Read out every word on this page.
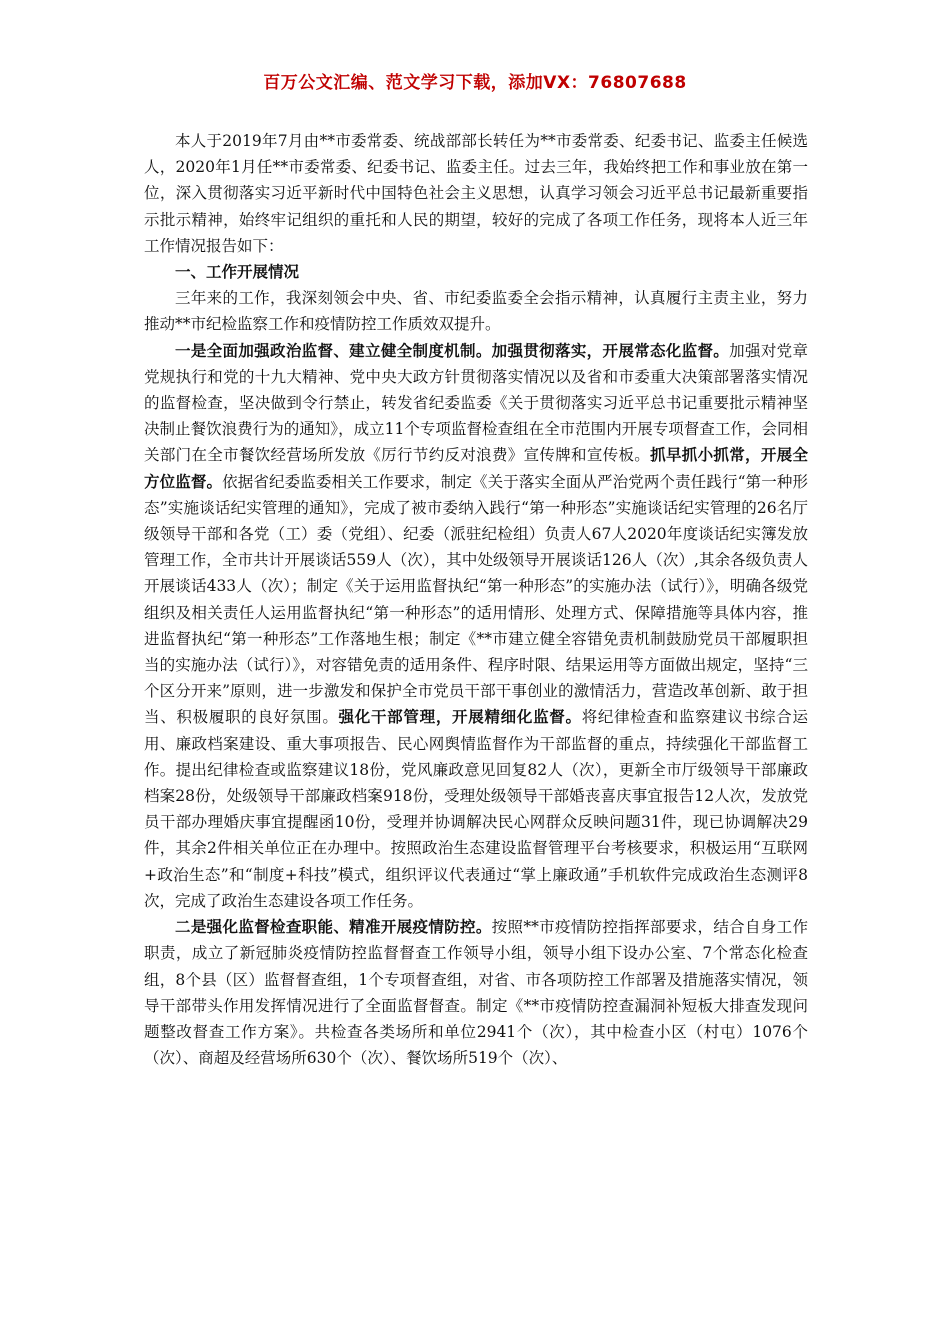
百万公文汇编、范文学习下载，添加VX：76807688

本人于2019年7月由**市委常委、统战部部长转任为**市委常委、纪委书记、监委主任候选人，2020年1月任**市委常委、纪委书记、监委主任。过去三年，我始终把工作和事业放在第一位，深入贯彻落实习近平新时代中国特色社会主义思想，认真学习领会习近平总书记最新重要指示批示精神，始终牢记组织的重托和人民的期望，较好的完成了各项工作任务，现将本人近三年工作情况报告如下：

一、工作开展情况

三年来的工作，我深刻领会中央、省、市纪委监委全会指示精神，认真履行主责主业，努力推动**市纪检监察工作和疫情防控工作质效双提升。

一是全面加强政治监督、建立健全制度机制。加强贯彻落实，开展常态化监督。加强对党章党规执行和党的十九大精神、党中央大政方针贯彻落实情况以及省和市委重大决策部署落实情况的监督检查，坚决做到令行禁止，转发省纪委监委《关于贯彻落实习近平总书记重要批示精神坚决制止餐饮浪费行为的通知》，成立11个专项监督检查组在全市范围内开展专项督查工作，会同相关部门在全市餐饮经营场所发放《厉行节约反对浪费》宣传牌和宣传板。抓早抓小抓常，开展全方位监督。依据省纪委监委相关工作要求，制定《关于落实全面从严治党两个责任践行“第一种形态”实施谈话纪实管理的通知》，完成了被市委纳入践行“第一种形态”实施谈话纪实管理的26名厅级领导干部和各党（工）委（党组）、纪委（派驻纪检组）负责人67人2020年度谈话纪实簿发放管理工作，全市共计开展谈话559人（次），其中处级领导开展谈话126人（次）,其余各级负责人开展谈话433人（次）；制定《关于运用监督执纪“第一种形态”的实施办法（试行）》，明确各级党组织及相关责任人运用监督执纪“第一种形态”的适用情形、处理方式、保障措施等具体内容，推进监督执纪“第一种形态”工作落地生根；制定《**市建立健全容错免责机制鼓励党员干部履职担当的实施办法（试行）》，对容错免责的适用条件、程序时限、结果运用等方面做出规定，坚持“三个区分开来”原则，进一步激发和保护全市党员干部干事创业的激情活力，营造改革创新、敢于担当、积极履职的良好氛围。强化干部管理，开展精细化监督。将纪律检查和监察建议书综合运用、廉政档案建设、重大事项报告、民心网舆情监督作为干部监督的重点，持续强化干部监督工作。提出纪律检查或监察建议18份，党风廉政意见回复82人（次），更新全市厅级领导干部廉政档案28份，处级领导干部廉政档案918份，受理处级领导干部婚丧喜庆事宜报告12人次，发放党员干部办理婚庆事宜提醒函10份，受理并协调解决民心网群众反映问题31件，现已协调解决29件，其余2件相关单位正在办理中。按照政治生态建设监督管理平台考核要求，积极运用“互联网+政治生态”和“制度+科技”模式，组织评议代表通过“掌上廉政通”手机软件完成政治生态测评8次，完成了政治生态建设各项工作任务。

二是强化监督检查职能、精准开展疫情防控。按照**市疫情防控指挥部要求，结合自身工作职责，成立了新冠肺炎疫情防控监督督查工作领导小组，领导小组下设办公室、7个常态化检查组，8个县（区）监督督查组，1个专项督查组，对省、市各项防控工作部署及措施落实情况，领导干部带头作用发挥情况进行了全面监督督查。制定《**市疫情防控查漏洞补短板大排查发现问题整改督查工作方案》。共检查各类场所和单位2941个（次），其中检查小区（村屯）1076个（次）、商超及经营场所630个（次）、餐饮场所519个（次）、
